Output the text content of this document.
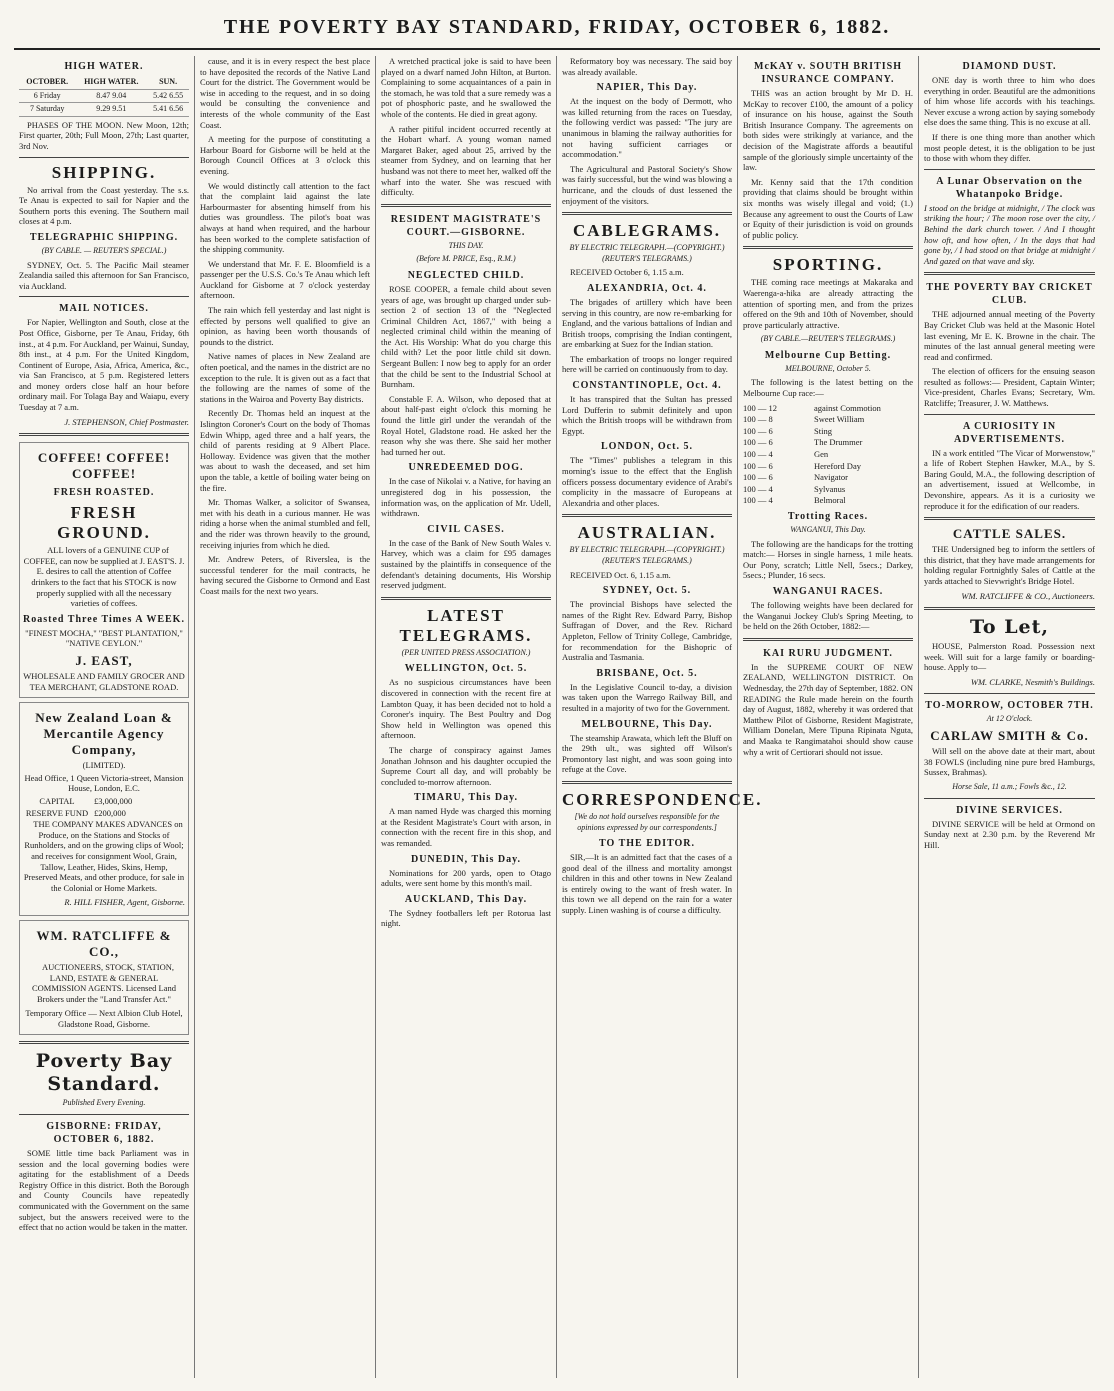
THE POVERTY BAY STANDARD, FRIDAY, OCTOBER 6, 1882.
HIGH WATER.
OCTOBER.	HIGH WATER.	SUN.
6 Friday	8.47 9.04	5.42 6.55
7 Saturday	9.29 9.51	5.41 6.56

PHASES OF THE MOON. New Moon, 12th; First quarter, 20th; Full Moon, 27th; Last quarter, 3rd Nov.

SHIPPING.

No arrival from the Coast yesterday. The s.s. Te Anau is expected to sail for Napier and the Southern ports this evening. The Southern mail closes at 4 p.m.

TELEGRAPHIC SHIPPING.
(BY CABLE. — REUTER'S SPECIAL.)

SYDNEY, Oct. 5. The Pacific Mail steamer Zealandia sailed this afternoon for San Francisco, via Auckland.

MAIL NOTICES.

For Napier, Wellington and South, close at the Post Office, Gisborne, per Te Anau, Friday, 6th inst., at 4 p.m. For Auckland, per Wainui, Sunday, 8th inst., at 4 p.m. For the United Kingdom, Continent of Europe, Asia, Africa, America, &c., via San Francisco, at 5 p.m. Registered letters and money orders close half an hour before ordinary mail. For Tolaga Bay and Waiapu, every Tuesday at 7 a.m.

J. STEPHENSON, Chief Postmaster.
COFFEE! COFFEE! COFFEE!
FRESH ROASTED.
FRESH GROUND.

ALL lovers of a GENUINE CUP of COFFEE, can now be supplied at J. EAST'S. J. E. desires to call the attention of Coffee drinkers to the fact that his STOCK is now properly supplied with all the necessary varieties of coffees.

Roasted Three Times A WEEK.
"FINEST MOCHA," "BEST PLANTATION," "NATIVE CEYLON."
J. EAST,
WHOLESALE AND FAMILY GROCER AND TEA MERCHANT, GLADSTONE ROAD.
New Zealand Loan & Mercantile Agency Company,
(LIMITED).
Head Office, 1 Queen Victoria-street, Mansion House, London, E.C.
CAPITAL	£3,000,000
RESERVE FUND £200,000

THE COMPANY MAKES ADVANCES on Produce, on the Stations and Stocks of Runholders, and on the growing clips of Wool; and receives for consignment Wool, Grain, Tallow, Leather, Hides, Skins, Hemp, Preserved Meats, and other produce, for sale in the Colonial or Home Markets.

R. HILL FISHER, Agent, Gisborne.
WM. RATCLIFFE & CO.,

AUCTIONEERS, STOCK, STATION, LAND, ESTATE & GENERAL COMMISSION AGENTS. Licensed Land Brokers under the "Land Transfer Act."

Temporary Office — Next Albion Club Hotel, Gladstone Road, Gisborne.
Poverty Bay Standard.
Published Every Evening.
GISBORNE: FRIDAY, OCTOBER 6, 1882.

SOME little time back Parliament was in session and the local governing bodies were agitating for the establishment of a Deeds Registry Office in this district. Both the Borough and County Councils have repeatedly communicated with the Government on the same subject, but the answers received were to the effect that no action would be taken in the matter.

cause, and it is in every respect the best place to have deposited the records of the Native Land Court for the district. The Government would be wise in acceding to the request, and in so doing would be consulting the convenience and interests of the whole community of the East Coast.

A meeting for the purpose of constituting a Harbour Board for Gisborne will be held at the Borough Council Offices at 3 o'clock this evening.

We would distinctly call attention to the fact that the complaint laid against the late Harbourmaster for absenting himself from his duties was groundless. The pilot's boat was always at hand when required, and the harbour has been worked to the complete satisfaction of the shipping community.

We understand that Mr. F. E. Bloomfield is a passenger per the U.S.S. Co.'s Te Anau which left Auckland for Gisborne at 7 o'clock yesterday afternoon.

The rain which fell yesterday and last night is effected by persons well qualified to give an opinion, as having been worth thousands of pounds to the district.

Native names of places in New Zealand are often poetical, and the names in the district are no exception to the rule. It is given out as a fact that the following are the names of some of the stations in the Wairoa and Poverty Bay districts.

Recently Dr. Thomas held an inquest at the Islington Coroner's Court on the body of Thomas Edwin Whipp, aged three and a half years, the child of parents residing at 9 Albert Place. Holloway. Evidence was given that the mother was about to wash the deceased, and set him upon the table, a kettle of boiling water being on the fire.

Mr. Thomas Walker, a solicitor of Swansea, met with his death in a curious manner. He was riding a horse when the animal stumbled and fell, and the rider was thrown heavily to the ground, receiving injuries from which he died.

Mr. Andrew Peters, of Riverslea, is the successful tenderer for the mail contracts, he having secured the Gisborne to Ormond and East Coast mails for the next two years.

A wretched practical joke is said to have been played on a dwarf named John Hilton, at Burton. Complaining to some acquaintances of a pain in the stomach, he was told that a sure remedy was a pot of phosphoric paste, and he swallowed the whole of the contents. He died in great agony.

A rather pitiful incident occurred recently at the Hobart wharf. A young woman named Margaret Baker, aged about 25, arrived by the steamer from Sydney, and on learning that her husband was not there to meet her, walked off the wharf into the water. She was rescued with difficulty.

RESIDENT MAGISTRATE'S COURT.—GISBORNE.
THIS DAY.
(Before M. PRICE, Esq., R.M.)
NEGLECTED CHILD.

ROSE COOPER, a female child about seven years of age, was brought up charged under sub-section 2 of section 13 of the "Neglected Criminal Children Act, 1867," with being a neglected criminal child within the meaning of the Act. His Worship: What do you charge this child with? Let the poor little child sit down. Sergeant Bullen: I now beg to apply for an order that the child be sent to the Industrial School at Burnham.

Constable F. A. Wilson, who deposed that at about half-past eight o'clock this morning he found the little girl under the verandah of the Royal Hotel, Gladstone road. He asked her the reason why she was there. She said her mother had turned her out.

UNREDEEMED DOG.

In the case of Nikolai v. a Native, for having an unregistered dog in his possession, the information was, on the application of Mr. Udell, withdrawn.

CIVIL CASES.

In the case of the Bank of New South Wales v. Harvey, which was a claim for £95 damages sustained by the plaintiffs in consequence of the defendant's detaining documents, His Worship reserved judgment.

LATEST TELEGRAMS.
(PER UNITED PRESS ASSOCIATION.)
WELLINGTON, Oct. 5.

As no suspicious circumstances have been discovered in connection with the recent fire at Lambton Quay, it has been decided not to hold a Coroner's inquiry. The Best Poultry and Dog Show held in Wellington was opened this afternoon.

The charge of conspiracy against James Jonathan Johnson and his daughter occupied the Supreme Court all day, and will probably be concluded to-morrow afternoon.

TIMARU, This Day.

A man named Hyde was charged this morning at the Resident Magistrate's Court with arson, in connection with the recent fire in this shop, and was remanded.

DUNEDIN, This Day.

Nominations for 200 yards, open to Otago adults, were sent home by this month's mail.

AUCKLAND, This Day.

The Sydney footballers left per Rotorua last night.

Reformatory boy was necessary. The said boy was already available.

NAPIER, This Day.

At the inquest on the body of Dermott, who was killed returning from the races on Tuesday, the following verdict was passed: "The jury are unanimous in blaming the railway authorities for not having sufficient carriages or accommodation."

The Agricultural and Pastoral Society's Show was fairly successful, but the wind was blowing a hurricane, and the clouds of dust lessened the enjoyment of the visitors.

CABLEGRAMS.
BY ELECTRIC TELEGRAPH.—(COPYRIGHT.) (REUTER'S TELEGRAMS.)

RECEIVED October 6, 1.15 a.m.

ALEXANDRIA, Oct. 4.

The brigades of artillery which have been serving in this country, are now re-embarking for England, and the various battalions of Indian and British troops, comprising the Indian contingent, are embarking at Suez for the Indian station.

The embarkation of troops no longer required here will be carried on continuously from to day.

CONSTANTINOPLE, Oct. 4.

It has transpired that the Sultan has pressed Lord Dufferin to submit definitely and upon which the British troops will be withdrawn from Egypt.

LONDON, Oct. 5.

The "Times" publishes a telegram in this morning's issue to the effect that the English officers possess documentary evidence of Arabi's complicity in the massacre of Europeans at Alexandria and other places.

AUSTRALIAN.
BY ELECTRIC TELEGRAPH.—(COPYRIGHT.) (REUTER'S TELEGRAMS.)

RECEIVED Oct. 6, 1.15 a.m.

SYDNEY, Oct. 5.

The provincial Bishops have selected the names of the Right Rev. Edward Parry, Bishop Suffragan of Dover, and the Rev. Richard Appleton, Fellow of Trinity College, Cambridge, for recommendation for the Bishopric of Australia and Tasmania.

BRISBANE, Oct. 5.

In the Legislative Council to-day, a division was taken upon the Warrego Railway Bill, and resulted in a majority of two for the Government.

MELBOURNE, This Day.

The steamship Arawata, which left the Bluff on the 29th ult., was sighted off Wilson's Promontory last night, and was soon going into refuge at the Cove.

CORRESPONDENCE.
[We do not hold ourselves responsible for the opinions expressed by our correspondents.]
TO THE EDITOR.

SIR,—It is an admitted fact that the cases of a good deal of the illness and mortality amongst children in this and other towns in New Zealand is entirely owing to the want of fresh water. In this town we all depend on the rain for a water supply. Linen washing is of course a difficulty.

McKAY v. SOUTH BRITISH INSURANCE COMPANY.

THIS was an action brought by Mr D. H. McKay to recover £100, the amount of a policy of insurance on his house, against the South British Insurance Company. The agreements on both sides were strikingly at variance, and the decision of the Magistrate affords a beautiful sample of the gloriously simple uncertainty of the law.

Mr. Kenny said that the 17th condition providing that claims should be brought within six months was wisely illegal and void; (1.) Because any agreement to oust the Courts of Law or Equity of their jurisdiction is void on grounds of public policy.

SPORTING.

THE coming race meetings at Makaraka and Waerenga-a-hika are already attracting the attention of sporting men, and from the prizes offered on the 9th and 10th of November, should prove particularly attractive.

(BY CABLE.—REUTER'S TELEGRAMS.)
Melbourne Cup Betting.
MELBOURNE, October 5.

The following is the latest betting on the Melbourne Cup race:—

100 — 12	against Commotion
100 — 8	Sweet William
100 — 6	Sting
100 — 6	The Drummer
100 — 4	Gen
100 — 6	Hereford Day
100 — 6	Navigator
100 — 4	Sylvanus
100 — 4	Belmoral
Trotting Races.
WANGANUI, This Day.

The following are the handicaps for the trotting match:— Horses in single harness, 1 mile heats. Our Pony, scratch; Little Nell, 5secs.; Darkey, 5secs.; Plunder, 16 secs.

WANGANUI RACES.

The following weights have been declared for the Wanganui Jockey Club's Spring Meeting, to be held on the 26th October, 1882:—

KAI RURU JUDGMENT.

In the SUPREME COURT OF NEW ZEALAND, WELLINGTON DISTRICT. On Wednesday, the 27th day of September, 1882. ON READING the Rule made herein on the fourth day of August, 1882, whereby it was ordered that Matthew Pilot of Gisborne, Resident Magistrate, William Donelan, Mere Tipuna Ripinata Nguta, and Maaka te Rangimatahoi should show cause why a writ of Certiorari should not issue.

DIAMOND DUST.

ONE day is worth three to him who does everything in order. Beautiful are the admonitions of him whose life accords with his teachings. Never excuse a wrong action by saying somebody else does the same thing. This is no excuse at all.

If there is one thing more than another which most people detest, it is the obligation to be just to those with whom they differ.

A Lunar Observation on the Whatanpoko Bridge.

I stood on the bridge at midnight, / The clock was striking the hour; / The moon rose over the city, / Behind the dark church tower. / And I thought how oft, and how often, / In the days that had gone by, / I had stood on that bridge at midnight / And gazed on that wave and sky.

THE POVERTY BAY CRICKET CLUB.

THE adjourned annual meeting of the Poverty Bay Cricket Club was held at the Masonic Hotel last evening, Mr E. K. Browne in the chair. The minutes of the last annual general meeting were read and confirmed.

The election of officers for the ensuing season resulted as follows:— President, Captain Winter; Vice-president, Charles Evans; Secretary, Wm. Ratcliffe; Treasurer, J. W. Matthews.

A CURIOSITY IN ADVERTISEMENTS.

IN a work entitled "The Vicar of Morwenstow," a life of Robert Stephen Hawker, M.A., by S. Baring Gould, M.A., the following description of an advertisement, issued at Wellcombe, in Devonshire, appears. As it is a curiosity we reproduce it for the edification of our readers.

CATTLE SALES.

THE Undersigned beg to inform the settlers of this district, that they have made arrangements for holding regular Fortnightly Sales of Cattle at the yards attached to Sievwright's Bridge Hotel.

WM. RATCLIFFE & CO., Auctioneers.
To Let,

HOUSE, Palmerston Road. Possession next week. Will suit for a large family or boarding-house. Apply to—

WM. CLARKE, Nesmith's Buildings.
TO-MORROW, OCTOBER 7TH.
At 12 O'clock.
CARLAW SMITH & Co.

Will sell on the above date at their mart, about 38 FOWLS (including nine pure bred Hamburgs, Sussex, Brahmas).

Horse Sale, 11 a.m.; Fowls &c., 12.
DIVINE SERVICES.

DIVINE SERVICE will be held at Ormond on Sunday next at 2.30 p.m. by the Reverend Mr Hill.
